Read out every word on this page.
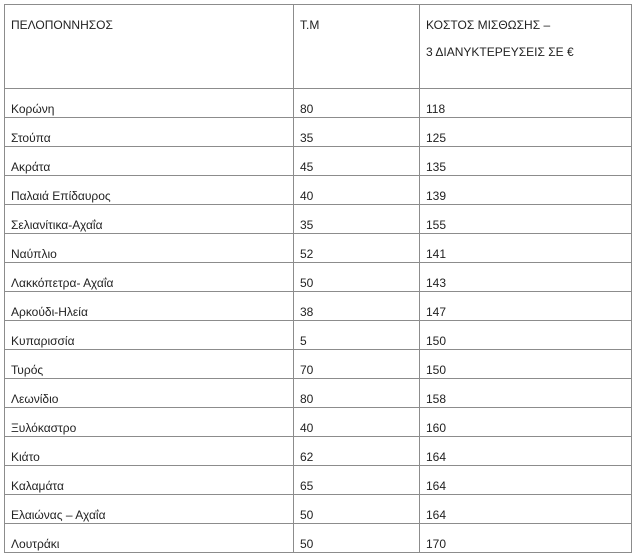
ΠΕΛΟΠΟΝΝΗΣΟΣ	Τ.Μ	ΚΟΣΤΟΣ ΜΙΣΘΩΣΗΣ –
3 ΔΙΑΝΥΚΤΕΡΕΥΣΕΙΣ ΣΕ €

Κορώνη	80	118
Στούπα	35	125
Ακράτα	45	135
Παλαιά Επίδαυρος	40	139
Σελιανίτικα-Αχαΐα	35	155
Ναύπλιο	52	141
Λακκόπετρα- Αχαΐα	50	143
Αρκούδι-Ηλεία	38	147
Κυπαρισσία	5	150
Τυρός	70	150
Λεωνίδιο	80	158
Ξυλόκαστρο	40	160
Κιάτο	62	164
Καλαμάτα	65	164
Ελαιώνας – Αχαΐα	50	164
Λουτράκι	50	170
